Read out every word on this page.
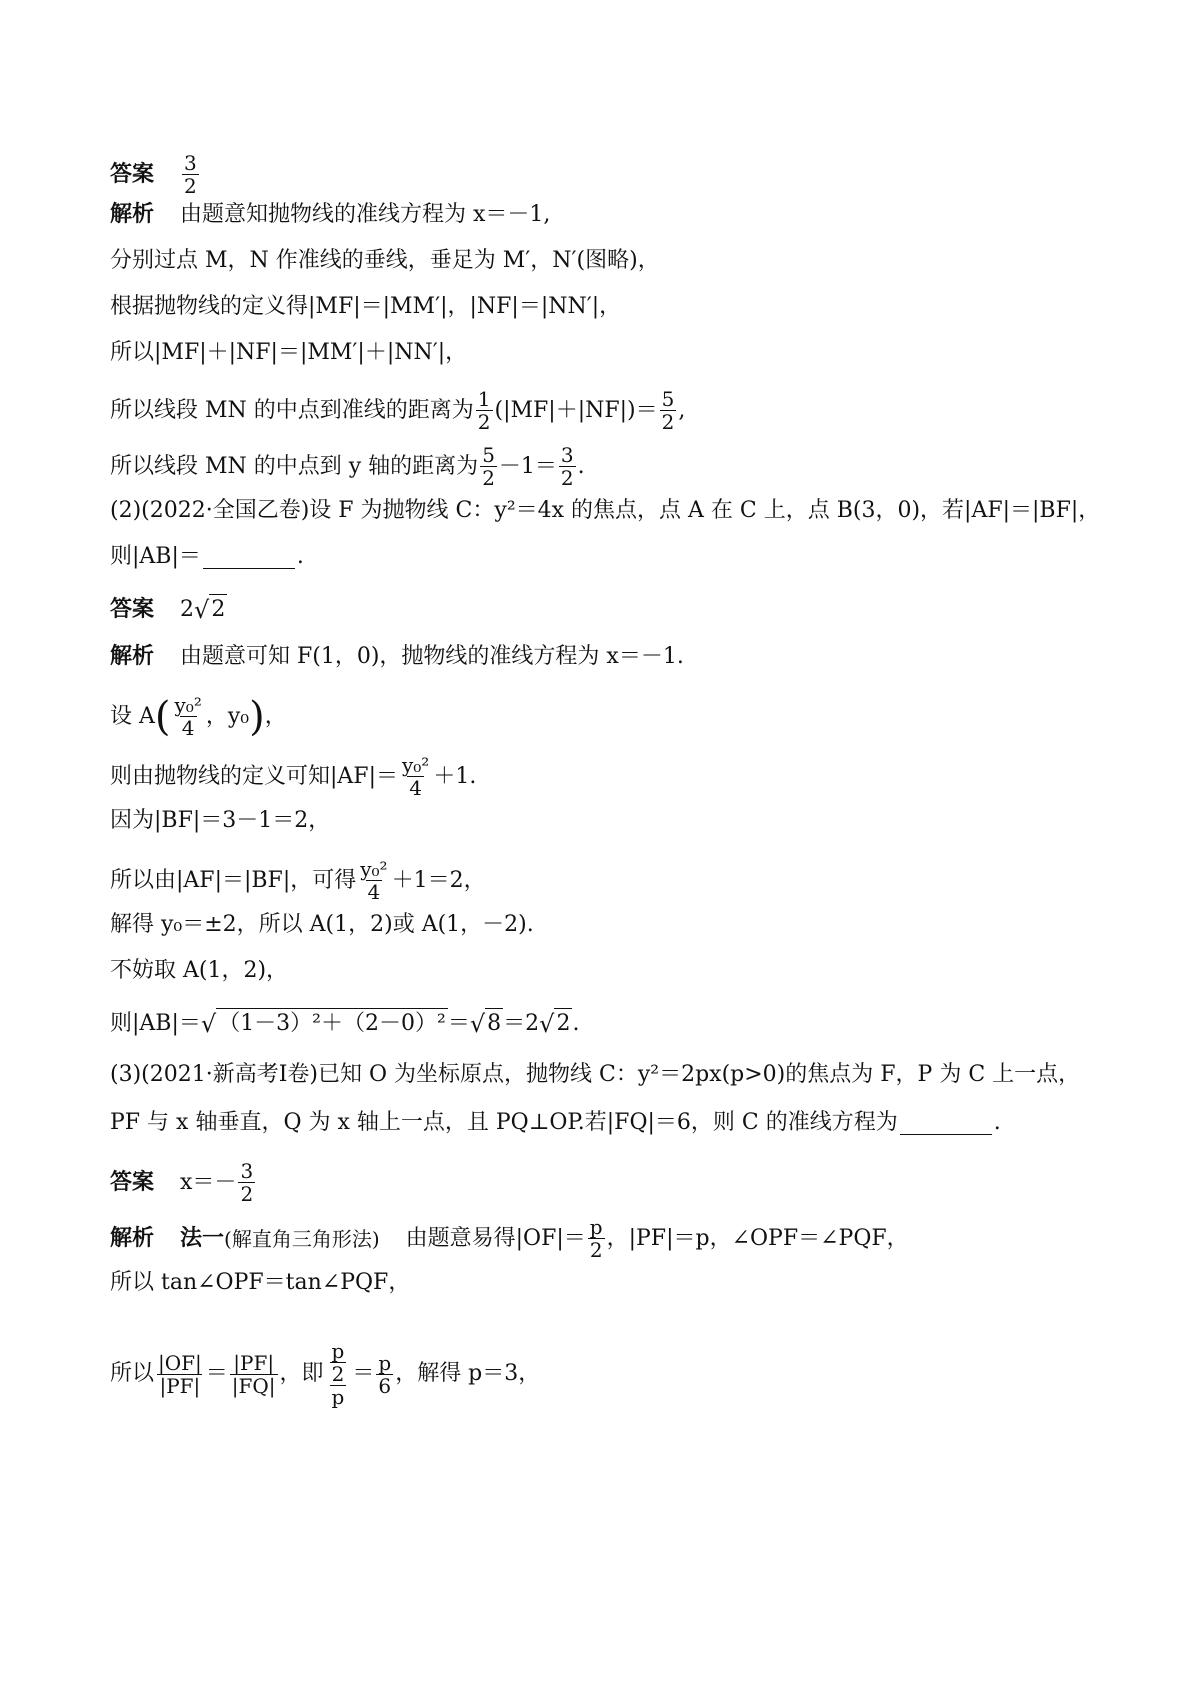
答案 $\frac{3}{2}$
解析 由题意知抛物线的准线方程为 x＝－1,
分别过点 M，N 作准线的垂线，垂足为 M′，N′(图略)，
根据抛物线的定义得|MF|＝|MM′|，|NF|＝|NN′|，
所以|MF|＋|NF|＝|MM′|＋|NN′|，
所以线段 MN 的中点到准线的距离为 $\frac{1}{2} (|MF|+|NF|)= \frac{5}{2}$ ,
所以线段 MN 的中点到 y 轴的距离为 $\frac{5}{2} -1= \frac{3}{2}$ .
(2)(2022·全国乙卷)设 F 为抛物线 C：y²＝4x 的焦点，点 A 在 C 上，点 B(3，0)，若|AF|＝|BF|，
则|AB|＝	.
答案 2 √ 2
解析 由题意可知 F(1，0)，抛物线的准线方程为 x＝－1.
设 A ( $\frac{\text{y₀²}}{4}$ ，y₀ ) ，
则由抛物线的定义可知$|AF|= \frac{\text{y₀²}}{4} +1$.
因为|BF|＝3－1＝2，
所以由|AF|＝|BF|，可得 $\frac{\text{y₀²}}{4} +1=2$，
解得 y₀＝±2，所以 A(1，2)或 A(1，－2).
不妨取 A(1，2)，
则|AB|＝ √ （1－3）²＋（2－0）² ＝ √ 8 ＝2 √ 2 .
(3)(2021·新高考Ⅰ卷)已知 O 为坐标原点，抛物线 C：y²＝2px(p>0)的焦点为 F，P 为 C 上一点，
PF 与 x 轴垂直，Q 为 x 轴上一点，且 PQ⊥OP.若|FQ|＝6，则 C 的准线方程为	.
答案 $x=- \frac{3}{2}$
解析 法一 (解直角三角形法) 由题意易得$|OF|= \frac{p}{2}$ ，|PF|＝p，∠OPF＝∠PQF，
所以 tan∠OPF＝tan∠PQF，
所以 $\frac{|OF|}{|PF|} = \frac{|PF|}{|FQ|}$ ，即 $\frac{\frac{p}{2}}{p} = \frac{p}{6}$ ，解得 p＝3，
